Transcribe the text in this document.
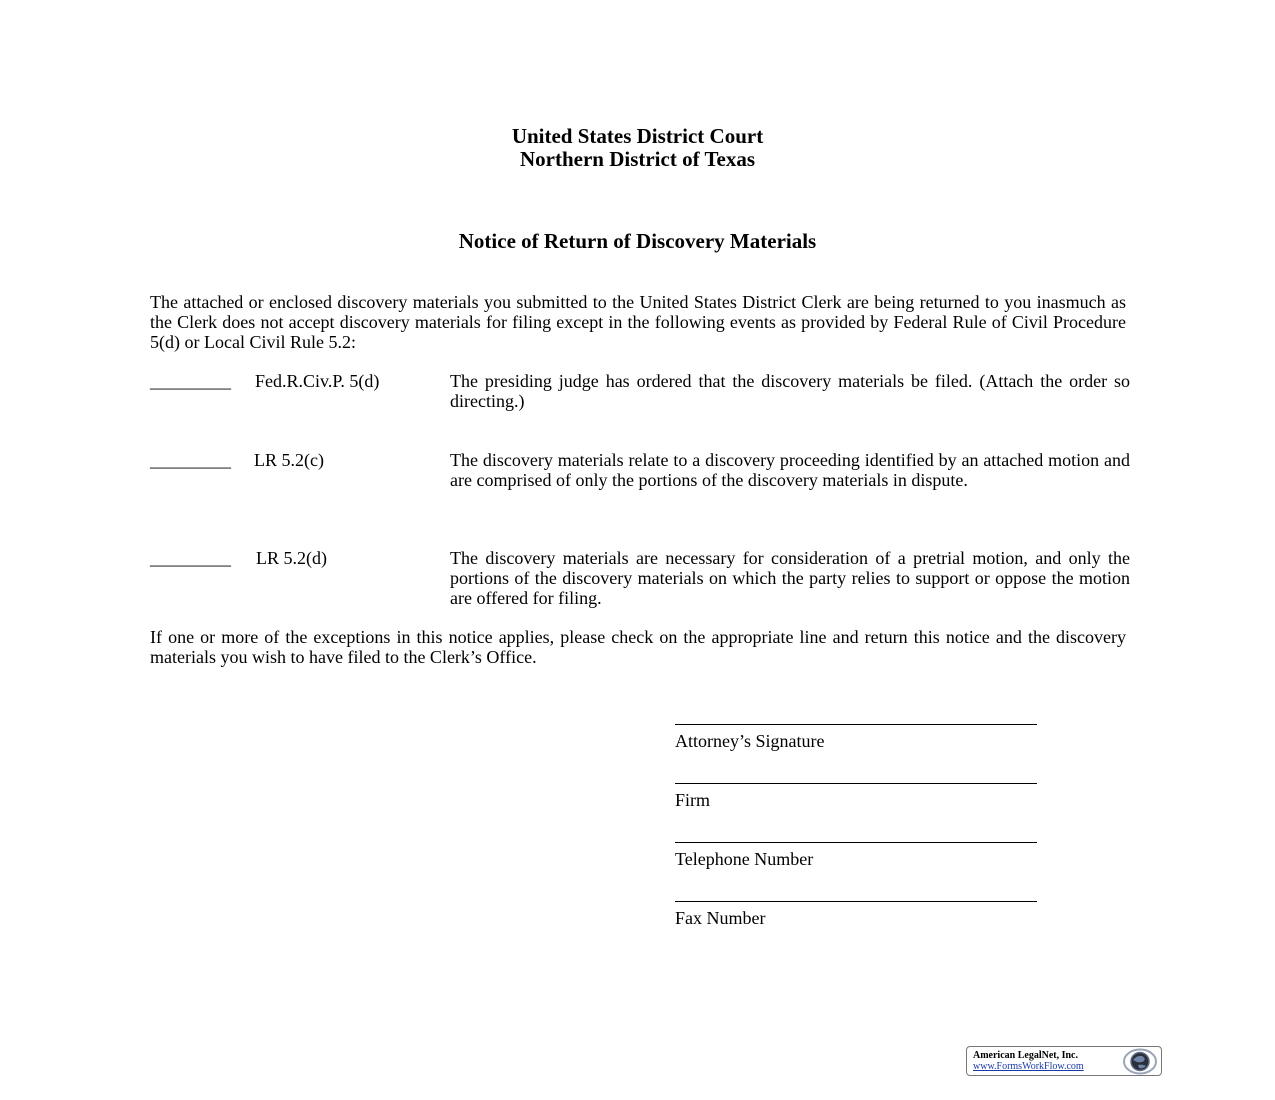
United States District Court
Northern District of Texas
Notice of Return of Discovery Materials
The attached or enclosed discovery materials you submitted to the United States District Clerk are being returned to you inasmuch as the Clerk does not accept discovery materials for filing except in the following events as provided by Federal Rule of Civil Procedure 5(d) or Local Civil Rule 5.2:
_________ Fed.R.Civ.P. 5(d)	The presiding judge has ordered that the discovery materials be filed. (Attach the order so directing.)
_________ LR 5.2(c)	The discovery materials relate to a discovery proceeding identified by an attached motion and are comprised of only the portions of the discovery materials in dispute.
_________ LR 5.2(d)	The discovery materials are necessary for consideration of a pretrial motion, and only the portions of the discovery materials on which the party relies to support or oppose the motion are offered for filing.
If one or more of the exceptions in this notice applies, please check on the appropriate line and return this notice and the discovery materials you wish to have filed to the Clerk’s Office.
Attorney’s Signature
Firm
Telephone Number
Fax Number
American LegalNet, Inc.
www.FormsWorkFlow.com
